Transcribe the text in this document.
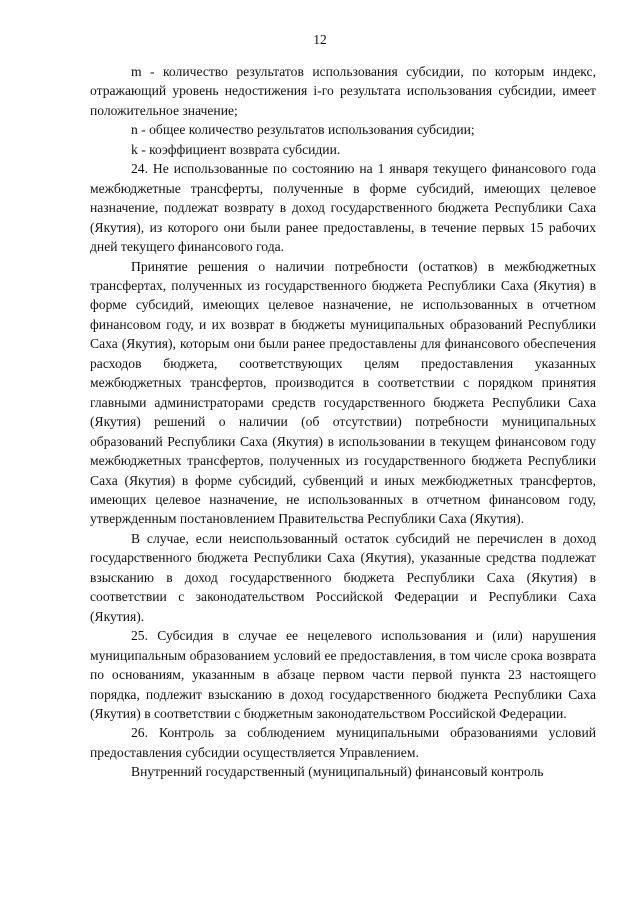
12

m - количество результатов использования субсидии, по которым индекс, отражающий уровень недостижения i-го результата использования субсидии, имеет положительное значение;

n - общее количество результатов использования субсидии;

k - коэффициент возврата субсидии.

24. Не использованные по состоянию на 1 января текущего финансового года межбюджетные трансферты, полученные в форме субсидий, имеющих целевое назначение, подлежат возврату в доход государственного бюджета Республики Саха (Якутия), из которого они были ранее предоставлены, в течение первых 15 рабочих дней текущего финансового года.

Принятие решения о наличии потребности (остатков) в межбюджетных трансфертах, полученных из государственного бюджета Республики Саха (Якутия) в форме субсидий, имеющих целевое назначение, не использованных в отчетном финансовом году, и их возврат в бюджеты муниципальных образований Республики Саха (Якутия), которым они были ранее предоставлены для финансового обеспечения расходов бюджета, соответствующих целям предоставления указанных межбюджетных трансфертов, производится в соответствии с порядком принятия главными администраторами средств государственного бюджета Республики Саха (Якутия) решений о наличии (об отсутствии) потребности муниципальных образований Республики Саха (Якутия) в использовании в текущем финансовом году межбюджетных трансфертов, полученных из государственного бюджета Республики Саха (Якутия) в форме субсидий, субвенций и иных межбюджетных трансфертов, имеющих целевое назначение, не использованных в отчетном финансовом году, утвержденным постановлением Правительства Республики Саха (Якутия).

В случае, если неиспользованный остаток субсидий не перечислен в доход государственного бюджета Республики Саха (Якутия), указанные средства подлежат взысканию в доход государственного бюджета Республики Саха (Якутия) в соответствии с законодательством Российской Федерации и Республики Саха (Якутия).

25. Субсидия в случае ее нецелевого использования и (или) нарушения муниципальным образованием условий ее предоставления, в том числе срока возврата по основаниям, указанным в абзаце первом части первой пункта 23 настоящего порядка, подлежит взысканию в доход государственного бюджета Республики Саха (Якутия) в соответствии с бюджетным законодательством Российской Федерации.

26. Контроль за соблюдением муниципальными образованиями условий предоставления субсидии осуществляется Управлением.

Внутренний государственный (муниципальный) финансовый контроль
